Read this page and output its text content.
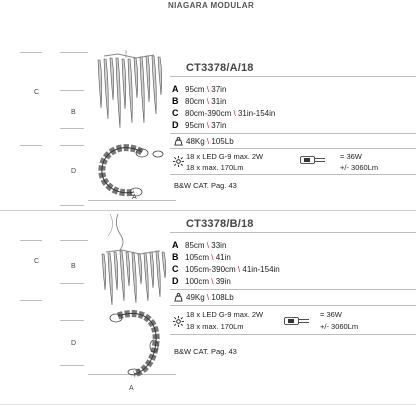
NIAGARA MODULAR
C
B
D
A
CT3378/A/18
A 95cm \ 37in
B 80cm \ 31in
C 80cm-390cm \ 31in-154in
D 95cm \ 37in
48Kg \ 105Lb
18 x LED G-9 max. 2W
18 x max. 170Lm
= 36W
+/- 3060Lm
B&W CAT. Pag. 43
C
B
D
A
CT3378/B/18
A 85cm \ 33in
B 105cm \ 41in
C 105cm-390cm \ 41in-154in
D 100cm \ 39in
49Kg \ 108Lb
18 x LED G-9 max. 2W
18 x max. 170Lm
= 36W
+/- 3060Lm
B&W CAT. Pag. 43
